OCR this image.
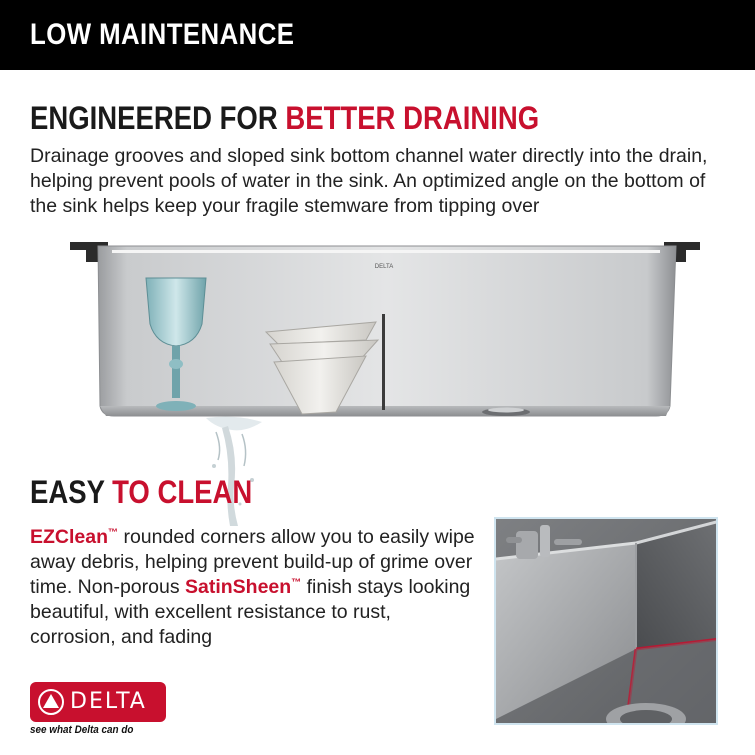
LOW MAINTENANCE
ENGINEERED FOR BETTER DRAINING

Drainage grooves and sloped sink bottom channel water directly into the drain, helping prevent pools of water in the sink. An optimized angle on the bottom of the sink helps keep your fragile stemware from tipping over

DELTA
EASY TO CLEAN

EZClean™ rounded corners allow you to easily wipe away debris, helping prevent build-up of grime over time. Non-porous SatinSheen™ finish stays looking beautiful, with excellent resistance to rust, corrosion, and fading

DELTA
see what Delta can do
